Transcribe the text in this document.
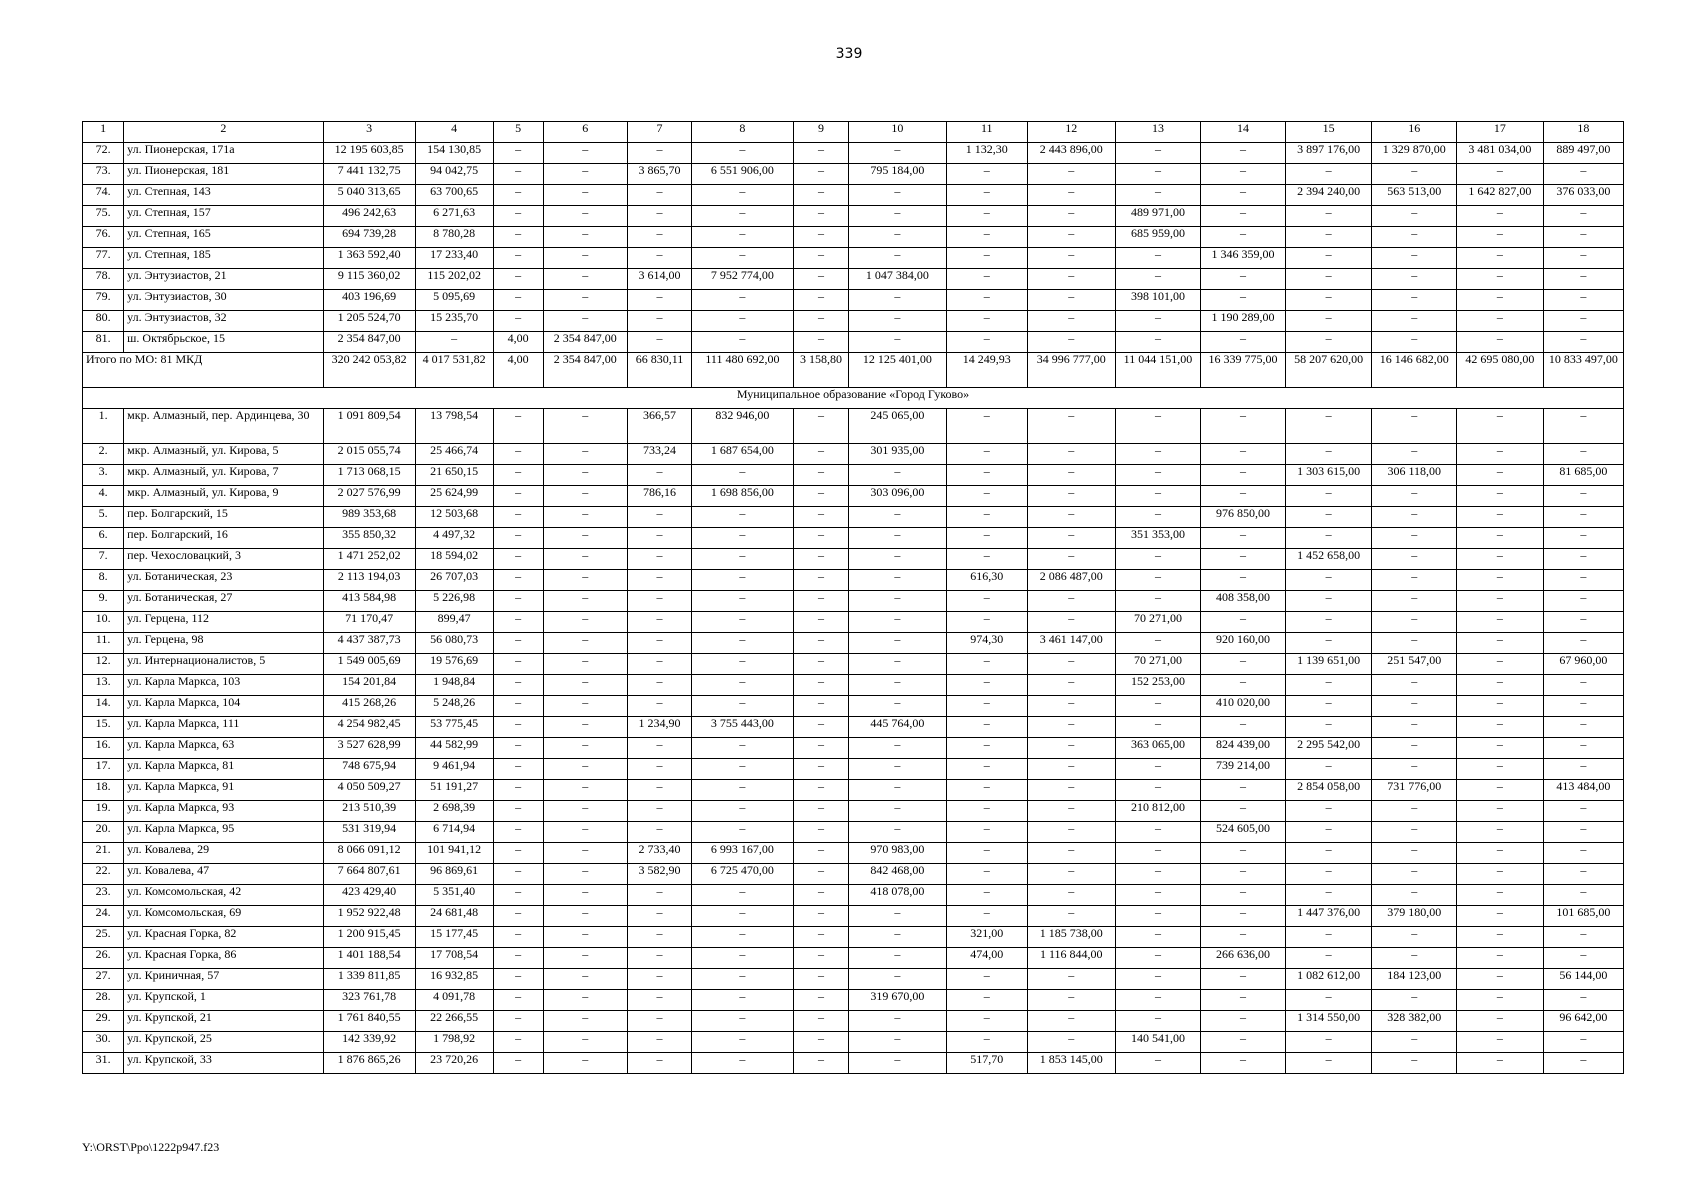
339
1	2	3	4	5	6	7	8	9	10	11	12	13	14	15	16	17	18
72.	ул. Пионерская, 171а	12 195 603,85	154 130,85	–	–	–	–	–	–	1 132,30	2 443 896,00	–	–	3 897 176,00	1 329 870,00	3 481 034,00	889 497,00
73.	ул. Пионерская, 181	7 441 132,75	94 042,75	–	–	3 865,70	6 551 906,00	–	795 184,00	–	–	–	–	–	–	–	–
74.	ул. Степная, 143	5 040 313,65	63 700,65	–	–	–	–	–	–	–	–	–	–	2 394 240,00	563 513,00	1 642 827,00	376 033,00
75.	ул. Степная, 157	496 242,63	6 271,63	–	–	–	–	–	–	–	–	489 971,00	–	–	–	–	–
76.	ул. Степная, 165	694 739,28	8 780,28	–	–	–	–	–	–	–	–	685 959,00	–	–	–	–	–
77.	ул. Степная, 185	1 363 592,40	17 233,40	–	–	–	–	–	–	–	–	–	1 346 359,00	–	–	–	–
78.	ул. Энтузиастов, 21	9 115 360,02	115 202,02	–	–	3 614,00	7 952 774,00	–	1 047 384,00	–	–	–	–	–	–	–	–
79.	ул. Энтузиастов, 30	403 196,69	5 095,69	–	–	–	–	–	–	–	–	398 101,00	–	–	–	–	–
80.	ул. Энтузиастов, 32	1 205 524,70	15 235,70	–	–	–	–	–	–	–	–	–	1 190 289,00	–	–	–	–
81.	ш. Октябрьское, 15	2 354 847,00	–	4,00	2 354 847,00	–	–	–	–	–	–	–	–	–	–	–	–
Итого по МО: 81 МКД		320 242 053,82	4 017 531,82	4,00	2 354 847,00	66 830,11	111 480 692,00	3 158,80	12 125 401,00	14 249,93	34 996 777,00	11 044 151,00	16 339 775,00	58 207 620,00	16 146 682,00	42 695 080,00	10 833 497,00
Муниципальное образование «Город Гуково»																	
1.	мкр. Алмазный, пер. Ардинцева, 30	1 091 809,54	13 798,54	–	–	366,57	832 946,00	–	245 065,00	–	–	–	–	–	–	–	–
2.	мкр. Алмазный, ул. Кирова, 5	2 015 055,74	25 466,74	–	–	733,24	1 687 654,00	–	301 935,00	–	–	–	–	–	–	–	–
3.	мкр. Алмазный, ул. Кирова, 7	1 713 068,15	21 650,15	–	–	–	–	–	–	–	–	–	–	1 303 615,00	306 118,00	–	81 685,00
4.	мкр. Алмазный, ул. Кирова, 9	2 027 576,99	25 624,99	–	–	786,16	1 698 856,00	–	303 096,00	–	–	–	–	–	–	–	–
5.	пер. Болгарский, 15	989 353,68	12 503,68	–	–	–	–	–	–	–	–	–	976 850,00	–	–	–	–
6.	пер. Болгарский, 16	355 850,32	4 497,32	–	–	–	–	–	–	–	–	351 353,00	–	–	–	–	–
7.	пер. Чехословацкий, 3	1 471 252,02	18 594,02	–	–	–	–	–	–	–	–	–	–	1 452 658,00	–	–	–
8.	ул. Ботаническая, 23	2 113 194,03	26 707,03	–	–	–	–	–	–	616,30	2 086 487,00	–	–	–	–	–	–
9.	ул. Ботаническая, 27	413 584,98	5 226,98	–	–	–	–	–	–	–	–	–	408 358,00	–	–	–	–
10.	ул. Герцена, 112	71 170,47	899,47	–	–	–	–	–	–	–	–	70 271,00	–	–	–	–	–
11.	ул. Герцена, 98	4 437 387,73	56 080,73	–	–	–	–	–	–	974,30	3 461 147,00	–	920 160,00	–	–	–	–
12.	ул. Интернационалистов, 5	1 549 005,69	19 576,69	–	–	–	–	–	–	–	–	70 271,00	–	1 139 651,00	251 547,00	–	67 960,00
13.	ул. Карла Маркса, 103	154 201,84	1 948,84	–	–	–	–	–	–	–	–	152 253,00	–	–	–	–	–
14.	ул. Карла Маркса, 104	415 268,26	5 248,26	–	–	–	–	–	–	–	–	–	410 020,00	–	–	–	–
15.	ул. Карла Маркса, 111	4 254 982,45	53 775,45	–	–	1 234,90	3 755 443,00	–	445 764,00	–	–	–	–	–	–	–	–
16.	ул. Карла Маркса, 63	3 527 628,99	44 582,99	–	–	–	–	–	–	–	–	363 065,00	824 439,00	2 295 542,00	–	–	–
17.	ул. Карла Маркса, 81	748 675,94	9 461,94	–	–	–	–	–	–	–	–	–	739 214,00	–	–	–	–
18.	ул. Карла Маркса, 91	4 050 509,27	51 191,27	–	–	–	–	–	–	–	–	–	–	2 854 058,00	731 776,00	–	413 484,00
19.	ул. Карла Маркса, 93	213 510,39	2 698,39	–	–	–	–	–	–	–	–	210 812,00	–	–	–	–	–
20.	ул. Карла Маркса, 95	531 319,94	6 714,94	–	–	–	–	–	–	–	–	–	524 605,00	–	–	–	–
21.	ул. Ковалева, 29	8 066 091,12	101 941,12	–	–	2 733,40	6 993 167,00	–	970 983,00	–	–	–	–	–	–	–	–
22.	ул. Ковалева, 47	7 664 807,61	96 869,61	–	–	3 582,90	6 725 470,00	–	842 468,00	–	–	–	–	–	–	–	–
23.	ул. Комсомольская, 42	423 429,40	5 351,40	–	–	–	–	–	418 078,00	–	–	–	–	–	–	–	–
24.	ул. Комсомольская, 69	1 952 922,48	24 681,48	–	–	–	–	–	–	–	–	–	–	1 447 376,00	379 180,00	–	101 685,00
25.	ул. Красная Горка, 82	1 200 915,45	15 177,45	–	–	–	–	–	–	321,00	1 185 738,00	–	–	–	–	–	–
26.	ул. Красная Горка, 86	1 401 188,54	17 708,54	–	–	–	–	–	–	474,00	1 116 844,00	–	266 636,00	–	–	–	–
27.	ул. Криничная, 57	1 339 811,85	16 932,85	–	–	–	–	–	–	–	–	–	–	1 082 612,00	184 123,00	–	56 144,00
28.	ул. Крупской, 1	323 761,78	4 091,78	–	–	–	–	–	319 670,00	–	–	–	–	–	–	–	–
29.	ул. Крупской, 21	1 761 840,55	22 266,55	–	–	–	–	–	–	–	–	–	–	1 314 550,00	328 382,00	–	96 642,00
30.	ул. Крупской, 25	142 339,92	1 798,92	–	–	–	–	–	–	–	–	140 541,00	–	–	–	–	–
31.	ул. Крупской, 33	1 876 865,26	23 720,26	–	–	–	–	–	–	517,70	1 853 145,00	–	–	–	–	–	–
Y:\ORST\Ppo\1222p947.f23
